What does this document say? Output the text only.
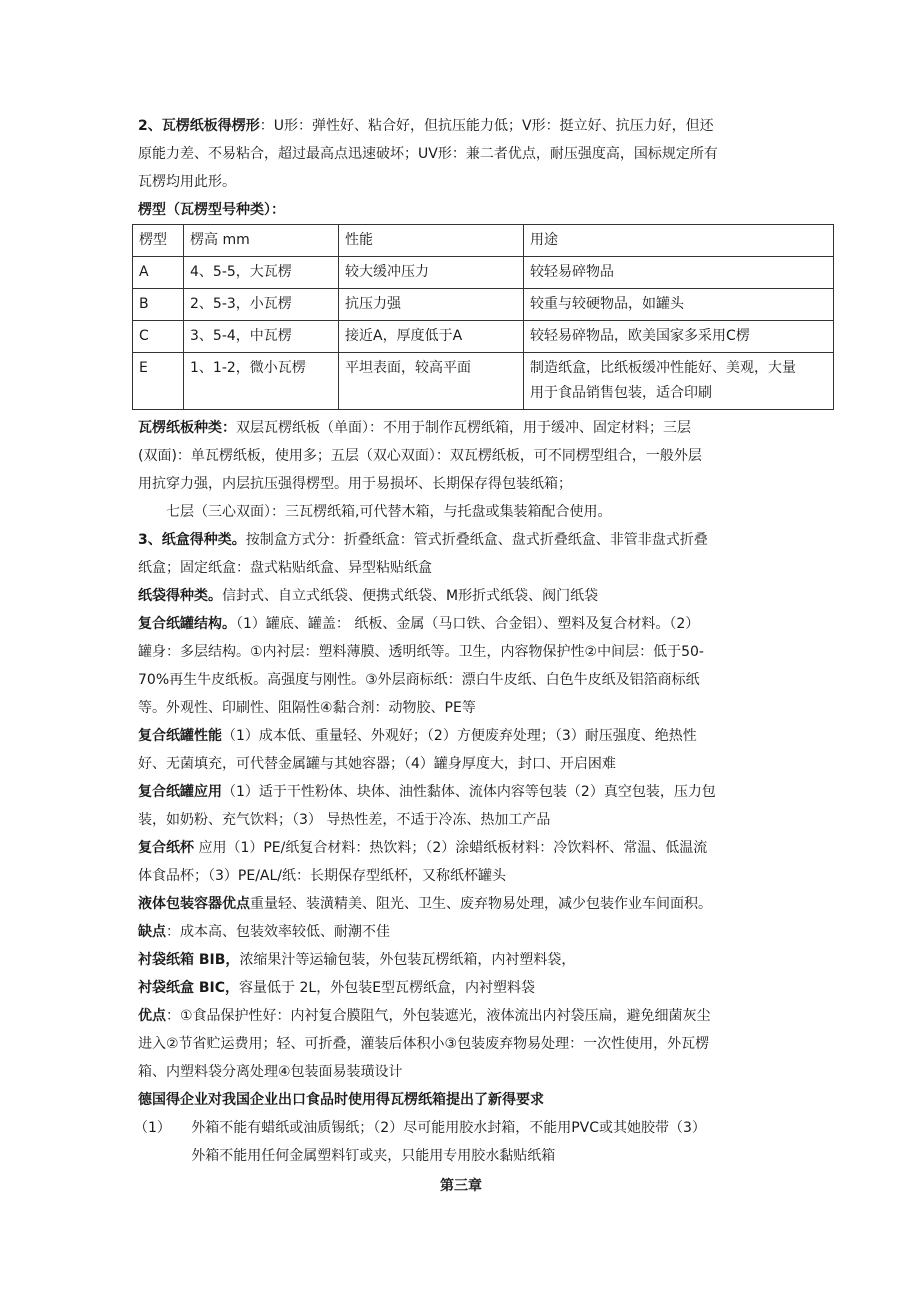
2、瓦楞纸板得楞形：U形：弹性好、粘合好，但抗压能力低；V形：挺立好、抗压力好，但还
原能力差、不易粘合，超过最高点迅速破坏；UV形：兼二者优点，耐压强度高，国标规定所有
瓦楞均用此形。
楞型（瓦楞型号种类）：
楞型	楞高 mm	性能	用途
A	4、5-5，大瓦楞	较大缓冲压力	较轻易碎物品
B	2、5-3，小瓦楞	抗压力强	较重与较硬物品，如罐头
C	3、5-4，中瓦楞	接近A，厚度低于A	较轻易碎物品，欧美国家多采用C楞
E	1、1-2，微小瓦楞	平坦表面，较高平面	制造纸盒，比纸板缓冲性能好、美观，大量
用于食品销售包装，适合印刷
瓦楞纸板种类：双层瓦楞纸板（单面）：不用于制作瓦楞纸箱，用于缓冲、固定材料；三层
(双面)：单瓦楞纸板，使用多；五层（双心双面）：双瓦楞纸板，可不同楞型组合，一般外层
用抗穿力强，内层抗压强得楞型。用于易损坏、长期保存得包装纸箱；
七层（三心双面）：三瓦楞纸箱,可代替木箱，与托盘或集装箱配合使用。
3、纸盒得种类。按制盒方式分：折叠纸盒：管式折叠纸盒、盘式折叠纸盒、非管非盘式折叠
纸盒；固定纸盒：盘式粘贴纸盒、异型粘贴纸盒
纸袋得种类。信封式、自立式纸袋、便携式纸袋、M形折式纸袋、阀门纸袋
复合纸罐结构。（1）罐底、罐盖： 纸板、金属（马口铁、合金铝）、塑料及复合材料。（2）
罐身：多层结构。①内衬层：塑料薄膜、透明纸等。卫生，内容物保护性②中间层：低于50-
70%再生牛皮纸板。高强度与刚性。③外层商标纸：漂白牛皮纸、白色牛皮纸及铝箔商标纸
等。外观性、印刷性、阻隔性④黏合剂：动物胶、PE等
复合纸罐性能（1）成本低、重量轻、外观好；（2）方便废弃处理；（3）耐压强度、绝热性
好、无菌填充，可代替金属罐与其她容器；（4）罐身厚度大，封口、开启困难
复合纸罐应用（1）适于干性粉体、块体、油性黏体、流体内容等包装（2）真空包装，压力包
装，如奶粉、充气饮料；（3） 导热性差，不适于冷冻、热加工产品
复合纸杯 应用（1）PE/纸复合材料：热饮料；（2）涂蜡纸板材料：冷饮料杯、常温、低温流
体食品杯；（3）PE/AL/纸：长期保存型纸杯，又称纸杯罐头
液体包装容器优点重量轻、装潢精美、阻光、卫生、废弃物易处理，减少包装作业车间面积。
缺点：成本高、包装效率较低、耐潮不佳
衬袋纸箱 BIB，浓缩果汁等运输包装，外包装瓦楞纸箱，内衬塑料袋，
衬袋纸盒 BIC，容量低于 2L，外包装E型瓦楞纸盒，内衬塑料袋
优点：①食品保护性好：内衬复合膜阻气，外包装遮光，液体流出内衬袋压扁，避免细菌灰尘
进入②节省贮运费用；轻、可折叠，灌装后体积小③包装废弃物易处理：一次性使用，外瓦楞
箱、内塑料袋分离处理④包装面易装璜设计
德国得企业对我国企业出口食品时使用得瓦楞纸箱提出了新得要求
（1）	外箱不能有蜡纸或油质锡纸；（2）尽可能用胶水封箱，不能用PVC或其她胶带（3）
外箱不能用任何金属塑料钉或夹，只能用专用胶水黏贴纸箱
第三章
